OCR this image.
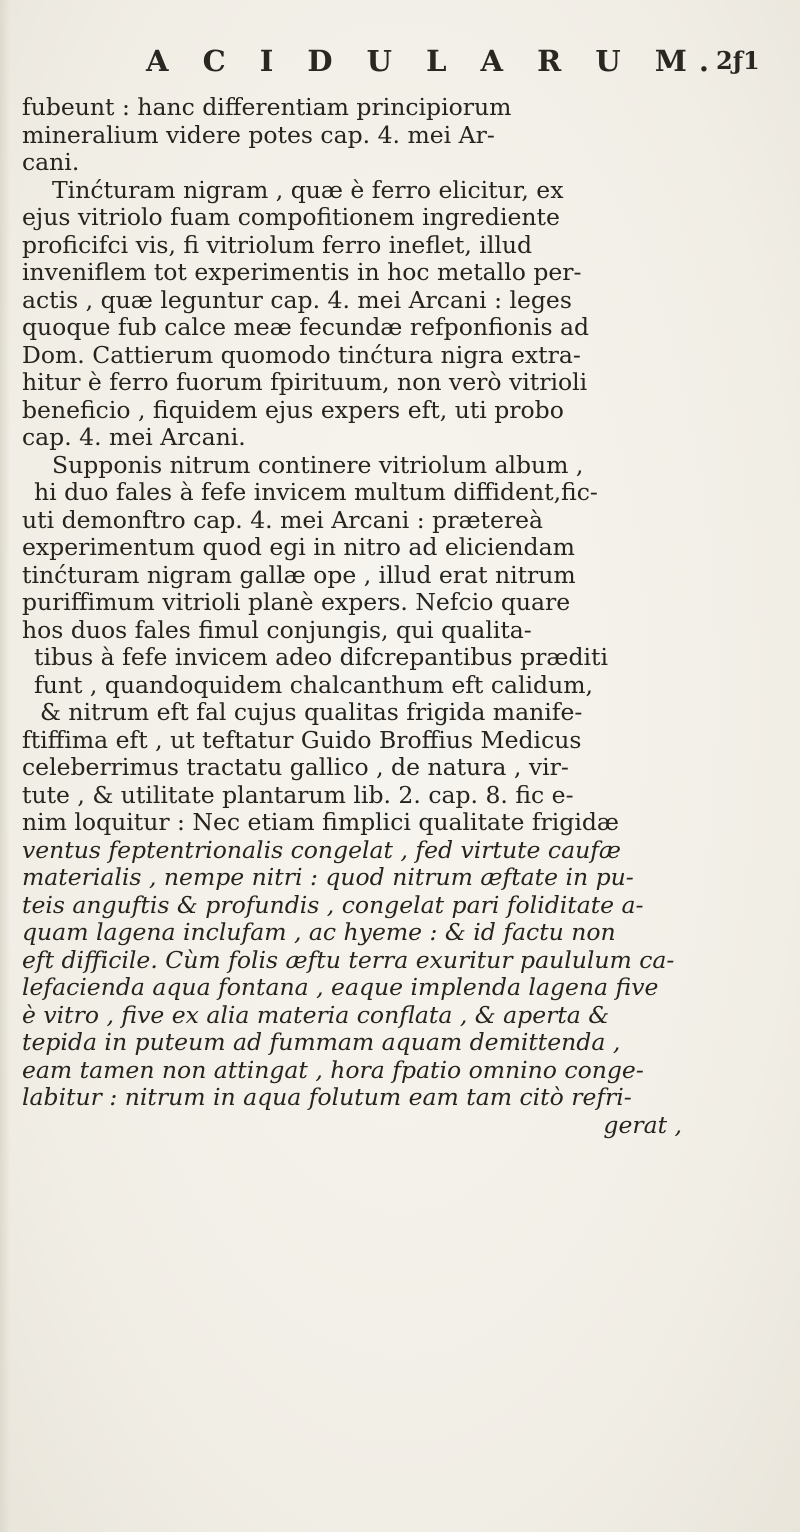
A C I D U L A R U M.
2ƒ1
fubeunt : hanc differentiam principiorum
mineralium videre potes cap. 4. mei Ar-
cani.
Tinćturam nigram , quæ è ferro elicitur, ex
ejus vitriolo fuam compofitionem ingrediente
proficifci vis, fi vitriolum ferro ineflet, illud
inveniflem tot experimentis in hoc metallo per-
actis , quæ leguntur cap. 4. mei Arcani : leges
quoque fub calce meæ fecundæ refponfionis ad
Dom. Cattierum quomodo tinćtura nigra extra-
hitur è ferro fuorum fpirituum, non verò vitrioli
beneficio , fiquidem ejus expers eft, uti probo
cap. 4. mei Arcani.
Supponis nitrum continere vitriolum album ,
hi duo fales à fefe invicem multum diffident,fic-
uti demonftro cap. 4. mei Arcani : prætereà
experimentum quod egi in nitro ad eliciendam
tinćturam nigram gallæ ope , illud erat nitrum
puriffimum vitrioli planè expers. Nefcio quare
hos duos fales fimul conjungis, qui qualita-
tibus à fefe invicem adeo difcrepantibus præditi
funt , quandoquidem chalcanthum eft calidum,
& nitrum eft fal cujus qualitas frigida manife-
ftiffima eft , ut teftatur Guido Broffius Medicus
celeberrimus tractatu gallico , de natura , vir-
tute , & utilitate plantarum lib. 2. cap. 8. fic e-
nim loquitur : Nec etiam fimplici qualitate frigidæ
ventus feptentrionalis congelat , fed virtute caufæ
materialis , nempe nitri : quod nitrum æftate in pu-
teis anguftis & profundis , congelat pari foliditate a-
quam lagena inclufam , ac hyeme : & id factu non
eft difficile. Cùm folis æftu terra exuritur paululum ca-
lefacienda aqua fontana , eaque implenda lagena five
è vitro , five ex alia materia conflata , & aperta &
tepida in puteum ad fummam aquam demittenda ,
eam tamen non attingat , hora fpatio omnino conge-
labitur : nitrum in aqua folutum eam tam citò refri-
gerat ,
